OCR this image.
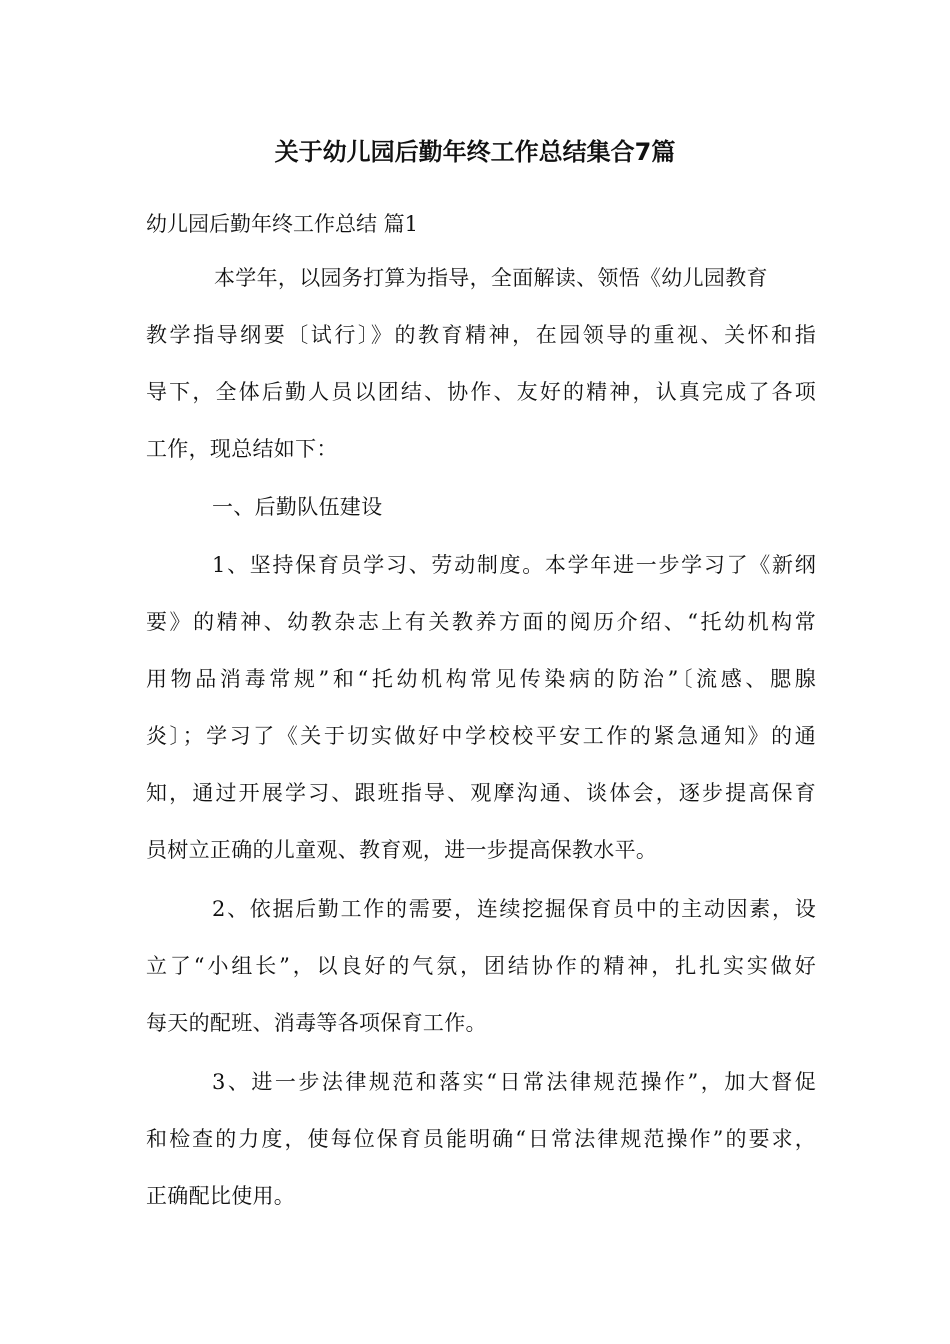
关于幼儿园后勤年终工作总结集合7篇
幼儿园后勤年终工作总结 篇1
本学年，以园务打算为指导，全面解读、领悟《幼儿园教育
教学指导纲要〔试行〕》的教育精神，在园领导的重视、关怀和指
导下，全体后勤人员以团结、协作、友好的精神，认真完成了各项
工作，现总结如下：
一、后勤队伍建设
1、坚持保育员学习、劳动制度。本学年进一步学习了《新纲
要》的精神、幼教杂志上有关教养方面的阅历介绍、“托幼机构常
用物品消毒常规”和“托幼机构常见传染病的防治”〔流感、腮腺
炎〕；学习了《关于切实做好中学校校平安工作的紧急通知》的通
知，通过开展学习、跟班指导、观摩沟通、谈体会，逐步提高保育
员树立正确的儿童观、教育观，进一步提高保教水平。
2、依据后勤工作的需要，连续挖掘保育员中的主动因素，设
立了“小组长”，以良好的气氛，团结协作的精神，扎扎实实做好
每天的配班、消毒等各项保育工作。
3、进一步法律规范和落实“日常法律规范操作”，加大督促
和检查的力度，使每位保育员能明确“日常法律规范操作”的要求，
正确配比使用。
